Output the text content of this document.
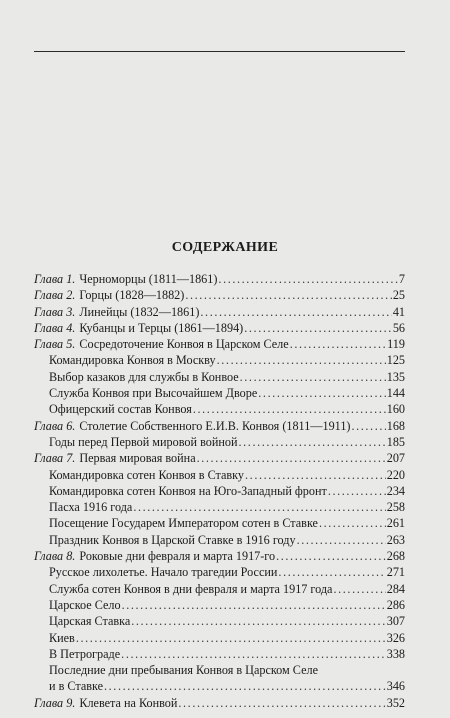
СОДЕРЖАНИЕ
Глава 1. Черноморцы (1811—1861) .....	7
Глава 2. Горцы (1828—1882) .....	25
Глава 3. Линейцы (1832—1861) .....	41
Глава 4. Кубанцы и Терцы (1861—1894) .....	56
Глава 5. Сосредоточение Конвоя в Царском Селе .....	119
Командировка Конвоя в Москву .....	125
Выбор казаков для службы в Конвое .....	135
Служба Конвоя при Высочайшем Дворе .....	144
Офицерский состав Конвоя .....	160
Глава 6. Столетие Собственного Е.И.В. Конвоя (1811—1911) .....	168
Годы перед Первой мировой войной .....	185
Глава 7. Первая мировая война .....	207
Командировка сотен Конвоя в Ставку .....	220
Командировка сотен Конвоя на Юго-Западный фронт .....	234
Пасха 1916 года .....	258
Посещение Государем Императором сотен в Ставке .....	261
Праздник Конвоя в Царской Ставке в 1916 году .....	263
Глава 8. Роковые дни февраля и марта 1917-го .....	268
Русское лихолетье. Начало трагедии России .....	271
Служба сотен Конвоя в дни февраля и марта 1917 года .....	284
Царское Село .....	286
Царская Ставка .....	307
Киев .....	326
В Петрограде .....	338
Последние дни пребывания Конвоя в Царском Селе
и в Ставке .....	346
Глава 9. Клевета на Конвой .....	352
